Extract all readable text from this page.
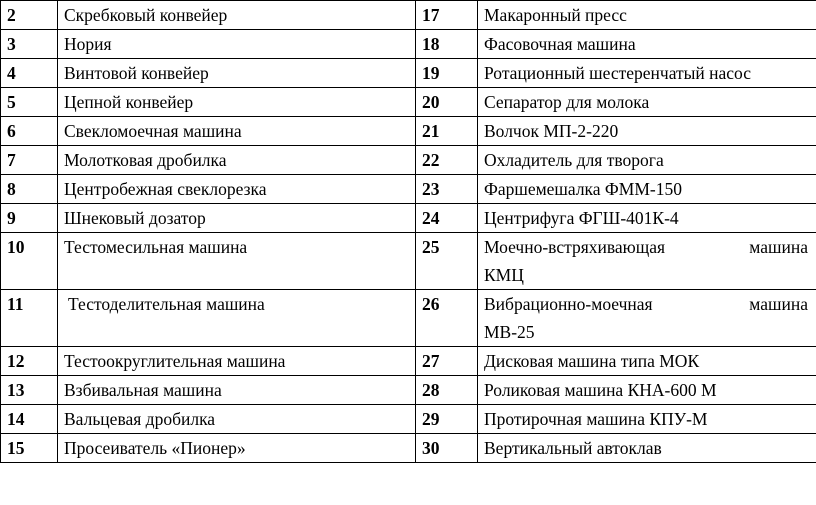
2	Скребковый конвейер	17	Макаронный пресс
3	Нория	18	Фасовочная машина
4	Винтовой конвейер	19	Ротационный шестеренчатый насос
5	Цепной конвейер	20	Сепаратор для молока
6	Свекломоечная машина	21	Волчок МП-2-220
7	Молотковая дробилка	22	Охладитель для творога
8	Центробежная свеклорезка	23	Фаршемешалка ФММ-150
9	Шнековый дозатор	24	Центрифуга ФГШ-401К-4
10	Тестомесильная машина	25	Моечно-встряхивающая машина
КМЦ

11	Тестоделительная машина	26	Вибрационно-моечная машина
МВ-25

12	Тестоокруглительная машина	27	Дисковая машина типа МОК
13	Взбивальная машина	28	Роликовая машина КНА-600 М
14	Вальцевая дробилка	29	Протирочная машина КПУ-М
15	Просеиватель «Пионер»	30	Вертикальный автоклав
